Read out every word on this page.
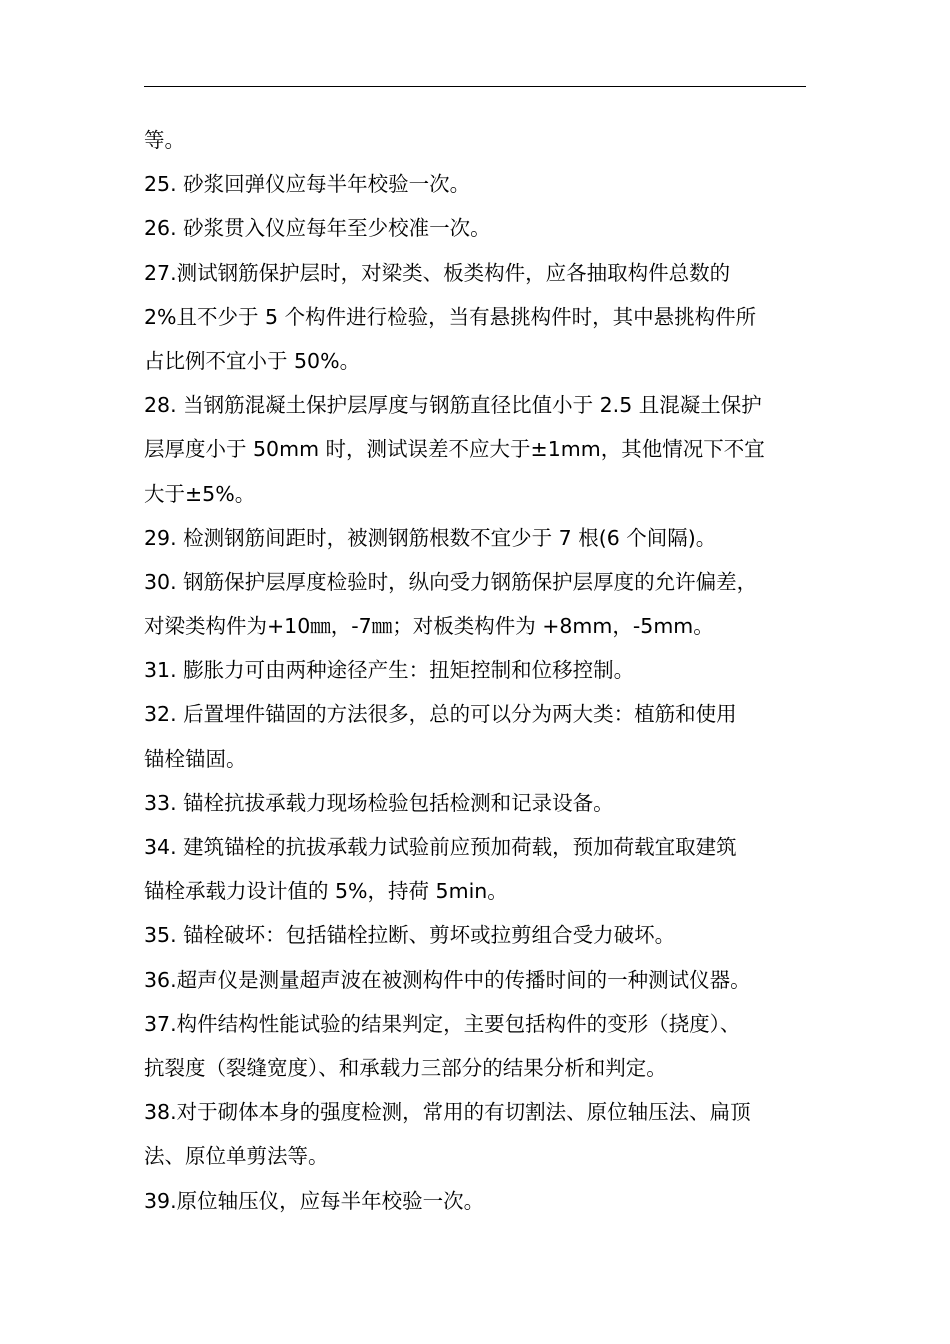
等。
25. 砂浆回弹仪应每半年校验一次。
26. 砂浆贯入仪应每年至少校准一次。
27.测试钢筋保护层时，对梁类、板类构件，应各抽取构件总数的
2%且不少于 5 个构件进行检验，当有悬挑构件时，其中悬挑构件所
占比例不宜小于 50%。
28. 当钢筋混凝土保护层厚度与钢筋直径比值小于 2.5 且混凝土保护
层厚度小于 50mm 时，测试误差不应大于±1mm，其他情况下不宜
大于±5%。
29. 检测钢筋间距时，被测钢筋根数不宜少于 7 根(6 个间隔)。
30. 钢筋保护层厚度检验时，纵向受力钢筋保护层厚度的允许偏差，
对梁类构件为+10㎜，-7㎜；对板类构件为 +8mm，-5mm。
31. 膨胀力可由两种途径产生：扭矩控制和位移控制。
32. 后置埋件锚固的方法很多，总的可以分为两大类：植筋和使用
锚栓锚固。
33. 锚栓抗拔承载力现场检验包括检测和记录设备。
34. 建筑锚栓的抗拔承载力试验前应预加荷载，预加荷载宜取建筑
锚栓承载力设计值的 5%，持荷 5min。
35. 锚栓破坏：包括锚栓拉断、剪坏或拉剪组合受力破坏。
36.超声仪是测量超声波在被测构件中的传播时间的一种测试仪器。
37.构件结构性能试验的结果判定，主要包括构件的变形（挠度）、
抗裂度（裂缝宽度）、和承载力三部分的结果分析和判定。
38.对于砌体本身的强度检测，常用的有切割法、原位轴压法、扁顶
法、原位单剪法等。
39.原位轴压仪，应每半年校验一次。
